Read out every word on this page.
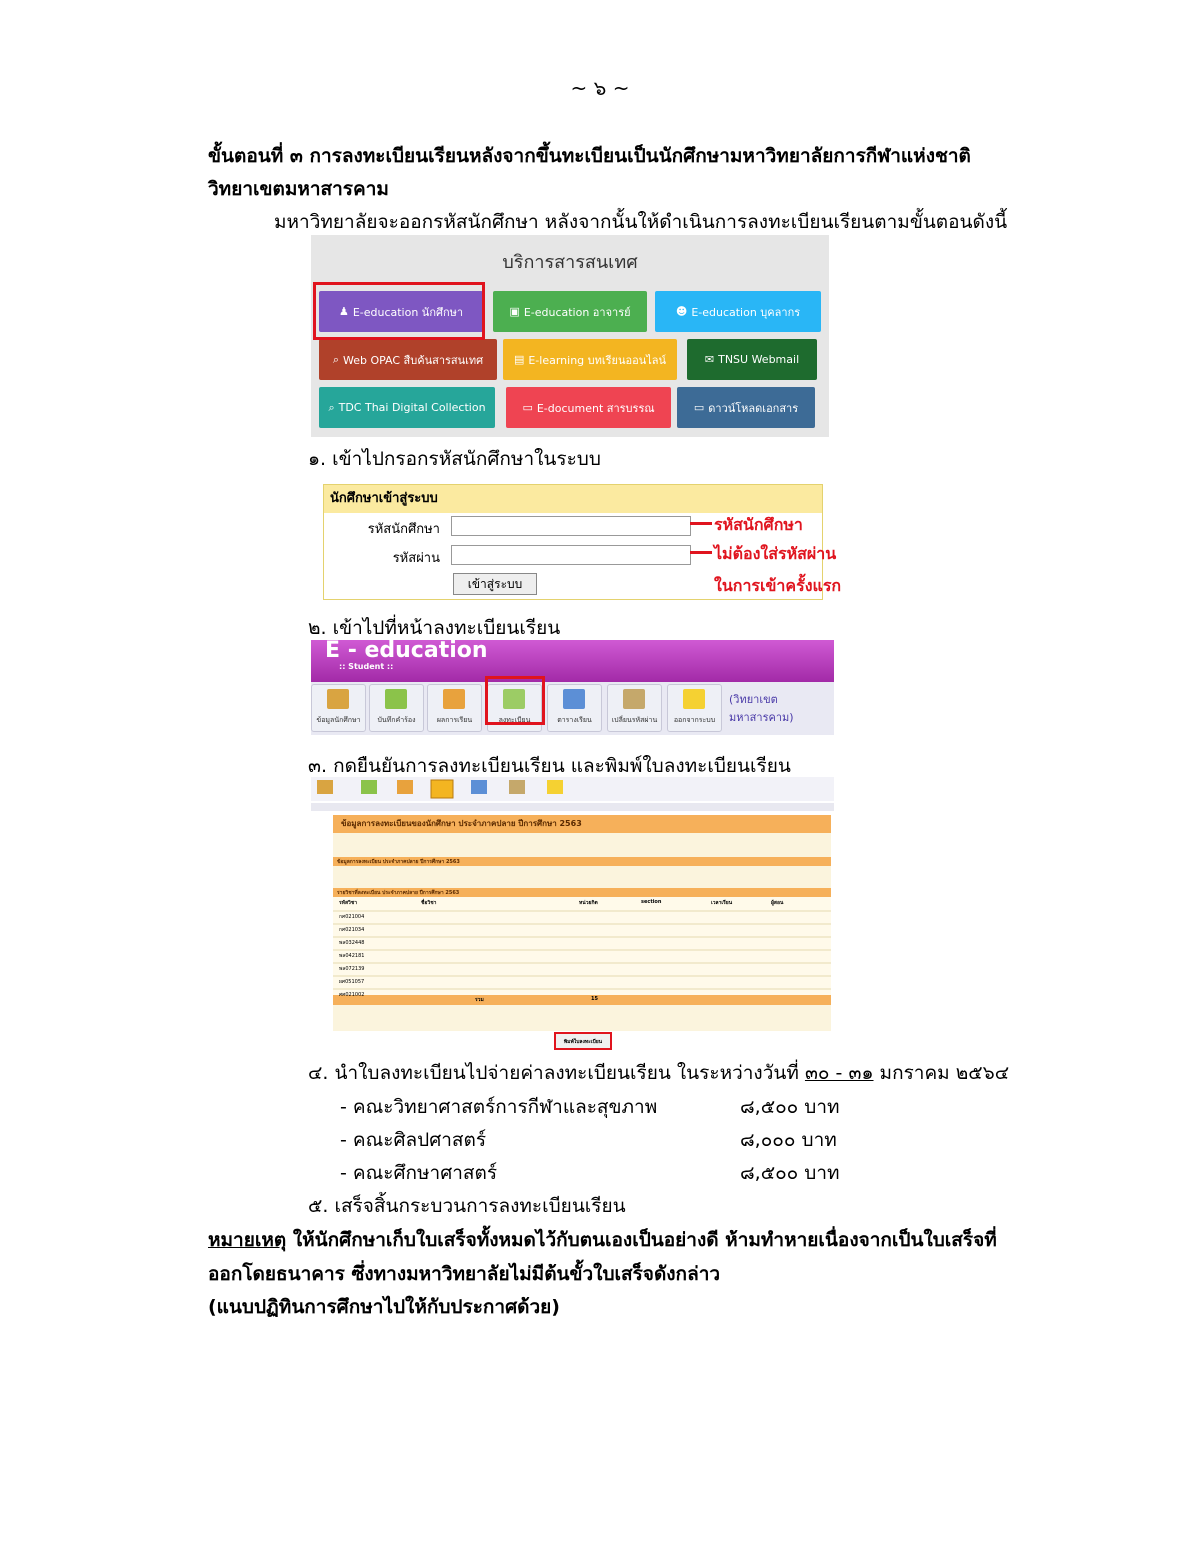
~ ๖ ~
ขั้นตอนที่ ๓ การลงทะเบียนเรียนหลังจากขึ้นทะเบียนเป็นนักศึกษามหาวิทยาลัยการกีฬาแห่งชาติ
วิทยาเขตมหาสารคาม
มหาวิทยาลัยจะออกรหัสนักศึกษา หลังจากนั้นให้ดำเนินการลงทะเบียนเรียนตามขั้นตอนดังนี้
บริการสารสนเทศ
♟ E-education นักศึกษา	▣ E-education อาจารย์	☻ E-education บุคลากร
⌕ Web OPAC สืบค้นสารสนเทศ	▤ E-learning บทเรียนออนไลน์	✉ TNSU Webmail
⌕ TDC Thai Digital Collection	▭ E-document สารบรรณ	▭ ดาวน์โหลดเอกสาร
๑. เข้าไปกรอกรหัสนักศึกษาในระบบ
นักศึกษาเข้าสู่ระบบ
รหัสนักศึกษา
รหัสผ่าน
เข้าสู่ระบบ
รหัสนักศึกษา
ไม่ต้องใส่รหัสผ่าน
ในการเข้าครั้งแรก
๒. เข้าไปที่หน้าลงทะเบียนเรียน
E - education
:: Student ::
ข้อมูลนักศึกษา	บันทึกคำร้อง	ผลการเรียน	ลงทะเบียน	ตารางเรียน	เปลี่ยนรหัสผ่าน	ออกจากระบบ
(วิทยาเขตมหาสารคาม)
๓. กดยืนยันการลงทะเบียนเรียน และพิมพ์ใบลงทะเบียนเรียน
ข้อมูลการลงทะเบียนของนักศึกษา ประจำภาคปลาย ปีการศึกษา 2563
ข้อมูลการลงทะเบียน ประจำภาคปลาย ปีการศึกษา 2563
รายวิชาที่ลงทะเบียน ประจำภาคปลาย ปีการศึกษา 2563
รหัสวิชา	ชื่อวิชา	หน่วยกิต	section	เวลาเรียน	ผู้สอน
กศ021004
กศ021034
พล032448
พล042181
พล072139
ผศ051057
ศศ021002
รวม	15
พิมพ์ใบลงทะเบียน
๔. นำใบลงทะเบียนไปจ่ายค่าลงทะเบียนเรียน ในระหว่างวันที่ ๓๐ - ๓๑ มกราคม ๒๕๖๔
- คณะวิทยาศาสตร์การกีฬาและสุขภาพ	๘,๕๐๐ บาท
- คณะศิลปศาสตร์	๘,๐๐๐ บาท
- คณะศึกษาศาสตร์	๘,๕๐๐ บาท
๕. เสร็จสิ้นกระบวนการลงทะเบียนเรียน
หมายเหตุ ให้นักศึกษาเก็บใบเสร็จทั้งหมดไว้กับตนเองเป็นอย่างดี ห้ามทำหายเนื่องจากเป็นใบเสร็จที่
ออกโดยธนาคาร ซึ่งทางมหาวิทยาลัยไม่มีต้นขั้วใบเสร็จดังกล่าว
(แนบปฏิทินการศึกษาไปให้กับประกาศด้วย)
